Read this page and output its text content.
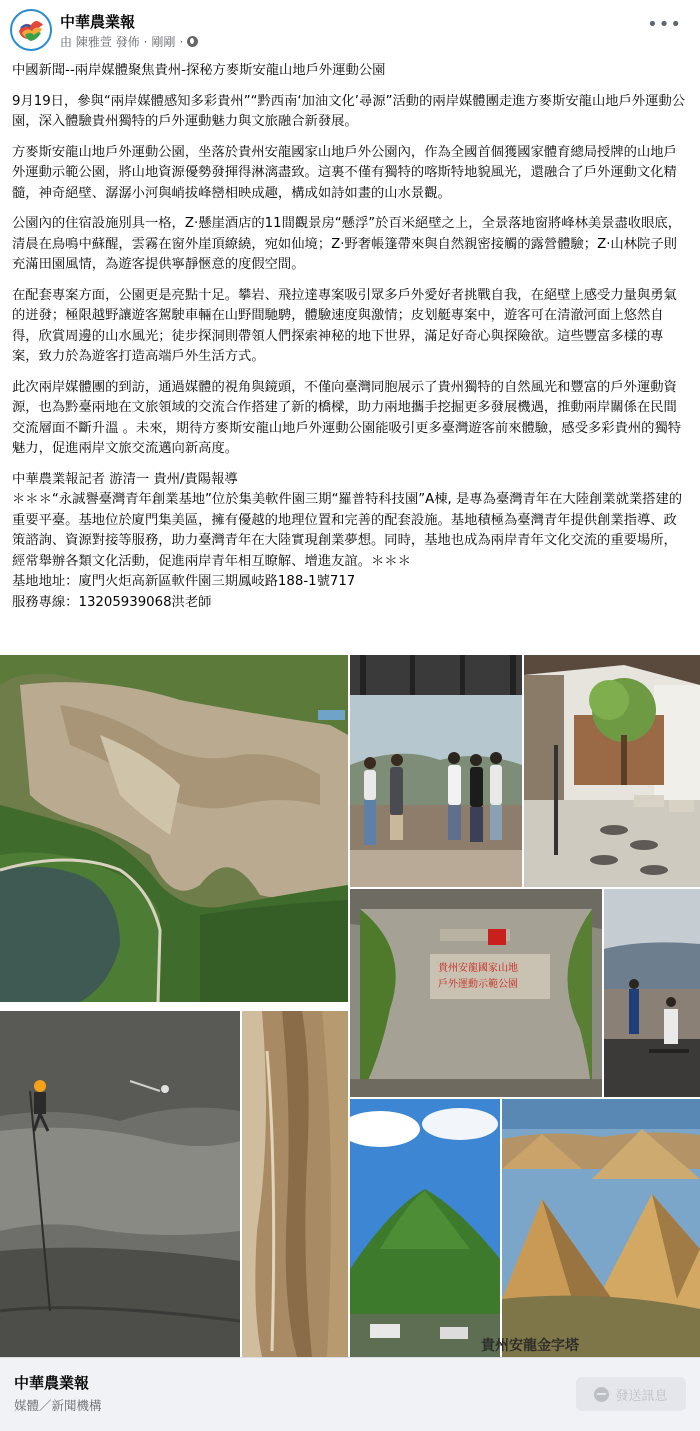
中華農業報
由 陳雅萱 發佈 · 剛剛 ·
•••

中國新聞--兩岸媒體聚焦貴州-探秘方麥斯安龍山地戶外運動公園

9月19日，參與“兩岸媒體感知多彩貴州”“黔西南‘加油文化’尋源”活動的兩岸媒體團走進方麥斯安龍山地戶外運動公園，深入體驗貴州獨特的戶外運動魅力與文旅融合新發展。

方麥斯安龍山地戶外運動公園，坐落於貴州安龍國家山地戶外公園內，作為全國首個獲國家體育總局授牌的山地戶外運動示範公園，將山地資源優勢發揮得淋漓盡致。這裏不僅有獨特的喀斯特地貌風光，還融合了戶外運動文化精髓，神奇絕壁、潺潺小河與峭拔峰巒相映成趣，構成如詩如畫的山水景觀。

公園內的住宿設施別具一格，Z·懸崖酒店的11間觀景房“懸浮”於百米絕壁之上，全景落地窗將峰林美景盡收眼底，清晨在鳥鳴中蘇醒，雲霧在窗外崖頂繚繞，宛如仙境；Z·野奢帳篷帶來與自然親密接觸的露營體驗；Z·山林院子則充滿田園風情，為遊客提供寧靜愜意的度假空間。

在配套專案方面，公園更是亮點十足。攀岩、飛拉達專案吸引眾多戶外愛好者挑戰自我，在絕壁上感受力量與勇氣的迸發；極限越野讓遊客駕駛車輛在山野間馳騁，體驗速度與激情；皮划艇專案中，遊客可在清澈河面上悠然自得，欣賞周邊的山水風光；徒步探洞則帶領人們探索神秘的地下世界，滿足好奇心與探險欲。這些豐富多樣的專案，致力於為遊客打造高端戶外生活方式。

此次兩岸媒體團的到訪，通過媒體的視角與鏡頭，不僅向臺灣同胞展示了貴州獨特的自然風光和豐富的戶外運動資源，也為黔臺兩地在文旅領域的交流合作搭建了新的橋樑，助力兩地攜手挖掘更多發展機遇，推動兩岸關係在民間交流層面不斷升溫 。未來，期待方麥斯安龍山地戶外運動公園能吸引更多臺灣遊客前來體驗，感受多彩貴州的獨特魅力，促進兩岸文旅交流邁向新高度。

中華農業報記者 游清一 貴州/貴陽報導

＊＊＊“永誠譽臺灣青年創業基地”位於集美軟件園三期“羅普特科技園”A棟, 是專為臺灣青年在大陸創業就業搭建的重要平臺。基地位於廈門集美區，擁有優越的地理位置和完善的配套設施。基地積極為臺灣青年提供創業指導、政策諮詢、資源對接等服務，助力臺灣青年在大陸實現創業夢想。同時，基地也成為兩岸青年文化交流的重要場所，經常舉辦各類文化活動，促進兩岸青年相互瞭解、增進友誼。＊＊＊

基地地址：廈門火炬高新區軟件園三期鳳岐路188-1號717

服務專線：13205939068洪老師

貴州安龍國家山地
戶外運動示範公園
貴州安龍金字塔
中華農業報
媒體／新聞機構
發送訊息
